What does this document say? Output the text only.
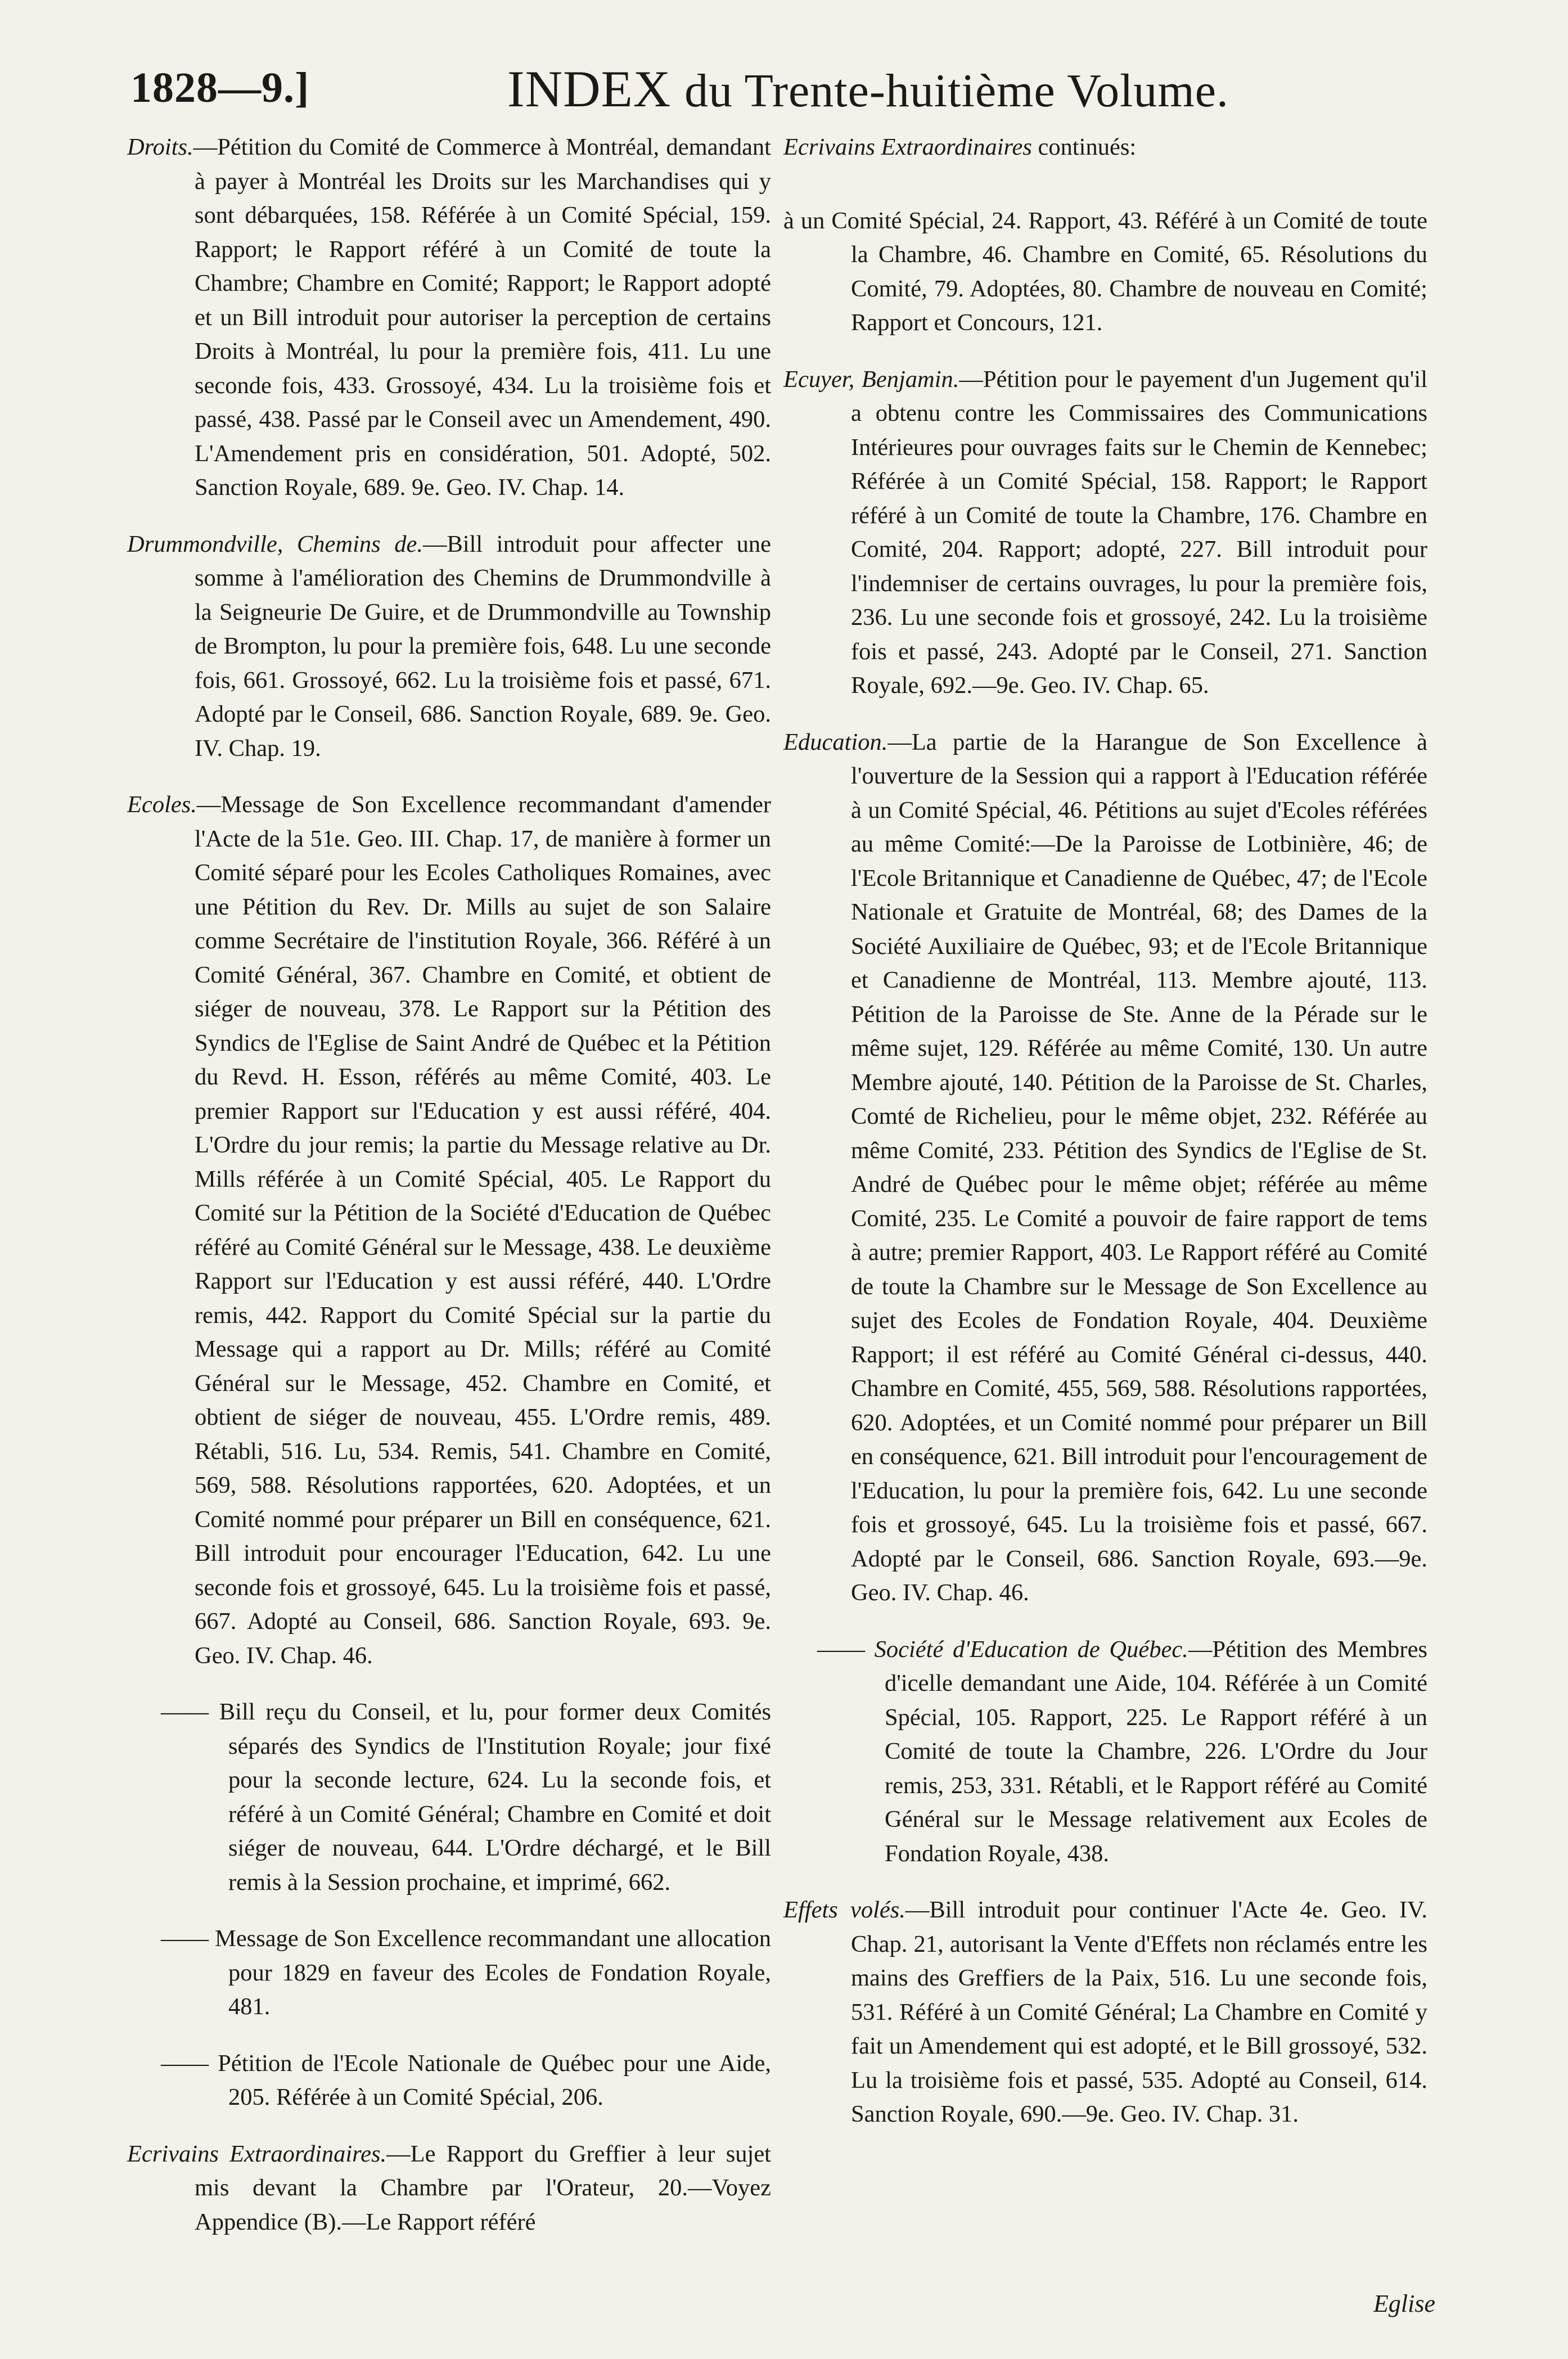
1828—9.]	INDEX du Trente-huitième Volume.

Droits.—Pétition du Comité de Commerce à Montréal, demandant à payer à Montréal les Droits sur les Marchandises qui y sont débarquées, 158. Référée à un Comité Spécial, 159. Rapport; le Rapport référé à un Comité de toute la Chambre; Chambre en Comité; Rapport; le Rapport adopté et un Bill introduit pour autoriser la perception de certains Droits à Montréal, lu pour la première fois, 411. Lu une seconde fois, 433. Grossoyé, 434. Lu la troisième fois et passé, 438. Passé par le Conseil avec un Amendement, 490. L'Amendement pris en considération, 501. Adopté, 502. Sanction Royale, 689. 9e. Geo. IV. Chap. 14.

Drummondville, Chemins de.—Bill introduit pour affecter une somme à l'amélioration des Chemins de Drummondville à la Seigneurie De Guire, et de Drummondville au Township de Brompton, lu pour la première fois, 648. Lu une seconde fois, 661. Grossoyé, 662. Lu la troisième fois et passé, 671. Adopté par le Conseil, 686. Sanction Royale, 689. 9e. Geo. IV. Chap. 19.

Ecoles.—Message de Son Excellence recommandant d'amender l'Acte de la 51e. Geo. III. Chap. 17, de manière à former un Comité séparé pour les Ecoles Catholiques Romaines, avec une Pétition du Rev. Dr. Mills au sujet de son Salaire comme Secrétaire de l'institution Royale, 366. Référé à un Comité Général, 367. Chambre en Comité, et obtient de siéger de nouveau, 378. Le Rapport sur la Pétition des Syndics de l'Eglise de Saint André de Québec et la Pétition du Revd. H. Esson, référés au même Comité, 403. Le premier Rapport sur l'Education y est aussi référé, 404. L'Ordre du jour remis; la partie du Message relative au Dr. Mills référée à un Comité Spécial, 405. Le Rapport du Comité sur la Pétition de la Société d'Education de Québec référé au Comité Général sur le Message, 438. Le deuxième Rapport sur l'Education y est aussi référé, 440. L'Ordre remis, 442. Rapport du Comité Spécial sur la partie du Message qui a rapport au Dr. Mills; référé au Comité Général sur le Message, 452. Chambre en Comité, et obtient de siéger de nouveau, 455. L'Ordre remis, 489. Rétabli, 516. Lu, 534. Remis, 541. Chambre en Comité, 569, 588. Résolutions rapportées, 620. Adoptées, et un Comité nommé pour préparer un Bill en conséquence, 621. Bill introduit pour encourager l'Education, 642. Lu une seconde fois et grossoyé, 645. Lu la troisième fois et passé, 667. Adopté au Conseil, 686. Sanction Royale, 693. 9e. Geo. IV. Chap. 46.

—— Bill reçu du Conseil, et lu, pour former deux Comités séparés des Syndics de l'Institution Royale; jour fixé pour la seconde lecture, 624. Lu la seconde fois, et référé à un Comité Général; Chambre en Comité et doit siéger de nouveau, 644. L'Ordre déchargé, et le Bill remis à la Session prochaine, et imprimé, 662.

—— Message de Son Excellence recommandant une allocation pour 1829 en faveur des Ecoles de Fondation Royale, 481.

—— Pétition de l'Ecole Nationale de Québec pour une Aide, 205. Référée à un Comité Spécial, 206.

Ecrivains Extraordinaires.—Le Rapport du Greffier à leur sujet mis devant la Chambre par l'Orateur, 20.—Voyez Appendice (B).—Le Rapport référé

Ecrivains Extraordinaires continués:

à un Comité Spécial, 24. Rapport, 43. Référé à un Comité de toute la Chambre, 46. Chambre en Comité, 65. Résolutions du Comité, 79. Adoptées, 80. Chambre de nouveau en Comité; Rapport et Concours, 121.

Ecuyer, Benjamin.—Pétition pour le payement d'un Jugement qu'il a obtenu contre les Commissaires des Communications Intérieures pour ouvrages faits sur le Chemin de Kennebec; Référée à un Comité Spécial, 158. Rapport; le Rapport référé à un Comité de toute la Chambre, 176. Chambre en Comité, 204. Rapport; adopté, 227. Bill introduit pour l'indemniser de certains ouvrages, lu pour la première fois, 236. Lu une seconde fois et grossoyé, 242. Lu la troisième fois et passé, 243. Adopté par le Conseil, 271. Sanction Royale, 692.—9e. Geo. IV. Chap. 65.

Education.—La partie de la Harangue de Son Excellence à l'ouverture de la Session qui a rapport à l'Education référée à un Comité Spécial, 46. Pétitions au sujet d'Ecoles référées au même Comité:—De la Paroisse de Lotbinière, 46; de l'Ecole Britannique et Canadienne de Québec, 47; de l'Ecole Nationale et Gratuite de Montréal, 68; des Dames de la Société Auxiliaire de Québec, 93; et de l'Ecole Britannique et Canadienne de Montréal, 113. Membre ajouté, 113. Pétition de la Paroisse de Ste. Anne de la Pérade sur le même sujet, 129. Référée au même Comité, 130. Un autre Membre ajouté, 140. Pétition de la Paroisse de St. Charles, Comté de Richelieu, pour le même objet, 232. Référée au même Comité, 233. Pétition des Syndics de l'Eglise de St. André de Québec pour le même objet; référée au même Comité, 235. Le Comité a pouvoir de faire rapport de tems à autre; premier Rapport, 403. Le Rapport référé au Comité de toute la Chambre sur le Message de Son Excellence au sujet des Ecoles de Fondation Royale, 404. Deuxième Rapport; il est référé au Comité Général ci-dessus, 440. Chambre en Comité, 455, 569, 588. Résolutions rapportées, 620. Adoptées, et un Comité nommé pour préparer un Bill en conséquence, 621. Bill introduit pour l'encouragement de l'Education, lu pour la première fois, 642. Lu une seconde fois et grossoyé, 645. Lu la troisième fois et passé, 667. Adopté par le Conseil, 686. Sanction Royale, 693.—9e. Geo. IV. Chap. 46.

—— Société d'Education de Québec.—Pétition des Membres d'icelle demandant une Aide, 104. Référée à un Comité Spécial, 105. Rapport, 225. Le Rapport référé à un Comité de toute la Chambre, 226. L'Ordre du Jour remis, 253, 331. Rétabli, et le Rapport référé au Comité Général sur le Message relativement aux Ecoles de Fondation Royale, 438.

Effets volés.—Bill introduit pour continuer l'Acte 4e. Geo. IV. Chap. 21, autorisant la Vente d'Effets non réclamés entre les mains des Greffiers de la Paix, 516. Lu une seconde fois, 531. Référé à un Comité Général; La Chambre en Comité y fait un Amendement qui est adopté, et le Bill grossoyé, 532. Lu la troisième fois et passé, 535. Adopté au Conseil, 614. Sanction Royale, 690.—9e. Geo. IV. Chap. 31.

Eglise
